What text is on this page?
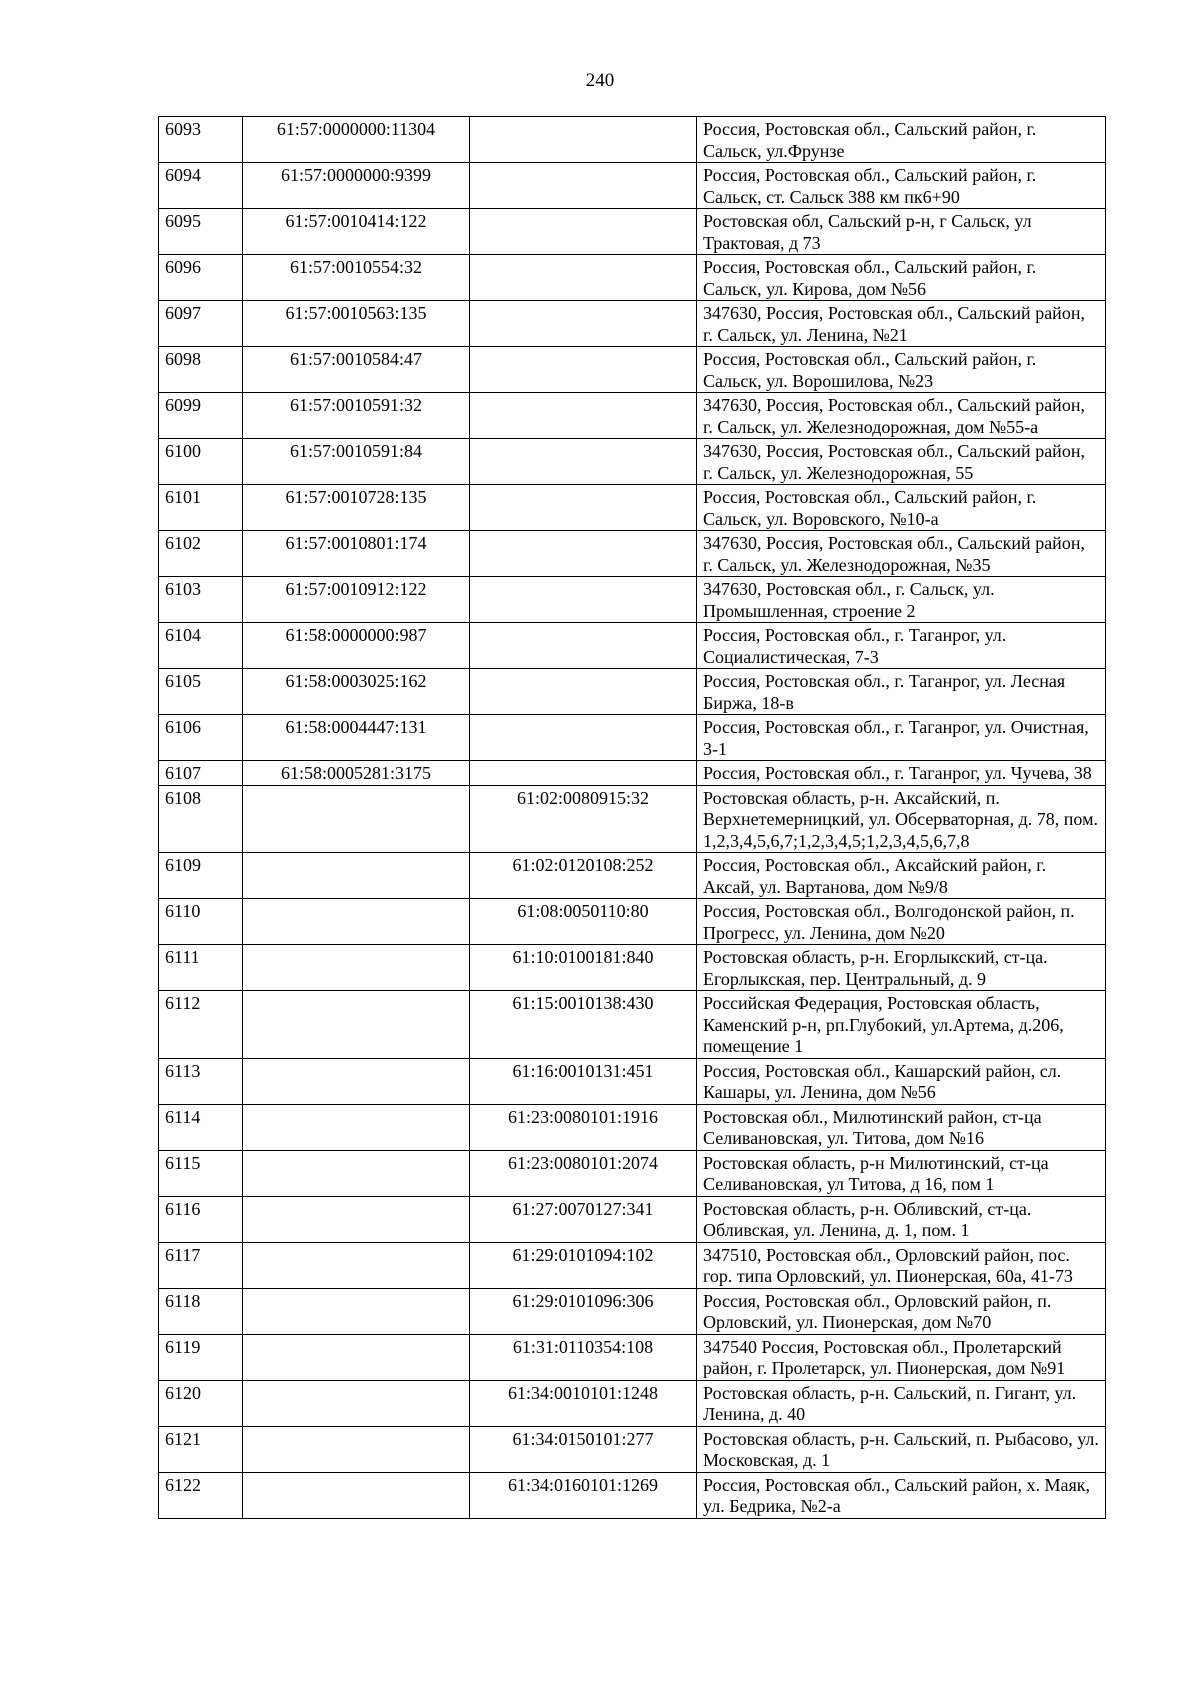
240
6093	61:57:0000000:11304		Россия, Ростовская обл., Сальский район, г. Сальск, ул.Фрунзе
6094	61:57:0000000:9399		Россия, Ростовская обл., Сальский район, г. Сальск, ст. Сальск 388 км пк6+90
6095	61:57:0010414:122		Ростовская обл, Сальский р-н, г Сальск, ул Трактовая, д 73
6096	61:57:0010554:32		Россия, Ростовская обл., Сальский район, г. Сальск, ул. Кирова, дом №56
6097	61:57:0010563:135		347630, Россия, Ростовская обл., Сальский район, г. Сальск, ул. Ленина, №21
6098	61:57:0010584:47		Россия, Ростовская обл., Сальский район, г. Сальск, ул. Ворошилова, №23
6099	61:57:0010591:32		347630, Россия, Ростовская обл., Сальский район, г. Сальск, ул. Железнодорожная, дом №55-а
6100	61:57:0010591:84		347630, Россия, Ростовская обл., Сальский район, г. Сальск, ул. Железнодорожная, 55
6101	61:57:0010728:135		Россия, Ростовская обл., Сальский район, г. Сальск, ул. Воровского, №10-а
6102	61:57:0010801:174		347630, Россия, Ростовская обл., Сальский район, г. Сальск, ул. Железнодорожная, №35
6103	61:57:0010912:122		347630, Ростовская обл., г. Сальск, ул. Промышленная, строение 2
6104	61:58:0000000:987		Россия, Ростовская обл., г. Таганрог, ул. Социалистическая, 7-3
6105	61:58:0003025:162		Россия, Ростовская обл., г. Таганрог, ул. Лесная Биржа, 18-в
6106	61:58:0004447:131		Россия, Ростовская обл., г. Таганрог, ул. Очистная, 3-1
6107	61:58:0005281:3175		Россия, Ростовская обл., г. Таганрог, ул. Чучева, 38
6108		61:02:0080915:32	Ростовская область, р-н. Аксайский, п. Верхнетемерницкий, ул. Обсерваторная, д. 78, пом. 1,2,3,4,5,6,7;1,2,3,4,5;1,2,3,4,5,6,7,8
6109		61:02:0120108:252	Россия, Ростовская обл., Аксайский район, г. Аксай, ул. Вартанова, дом №9/8
6110		61:08:0050110:80	Россия, Ростовская обл., Волгодонской район, п. Прогресс, ул. Ленина, дом №20
6111		61:10:0100181:840	Ростовская область, р-н. Егорлыкский, ст-ца. Егорлыкская, пер. Центральный, д. 9
6112		61:15:0010138:430	Российская Федерация, Ростовская область, Каменский р-н, рп.Глубокий, ул.Артема, д.206, помещение 1
6113		61:16:0010131:451	Россия, Ростовская обл., Кашарский район, сл. Кашары, ул. Ленина, дом №56
6114		61:23:0080101:1916	Ростовская обл., Милютинский район, ст-ца Селивановская, ул. Титова, дом №16
6115		61:23:0080101:2074	Ростовская область, р-н Милютинский, ст-ца Селивановская, ул Титова, д 16, пом 1
6116		61:27:0070127:341	Ростовская область, р-н. Обливский, ст-ца. Обливская, ул. Ленина, д. 1, пом. 1
6117		61:29:0101094:102	347510, Ростовская обл., Орловский район, пос. гор. типа Орловский, ул. Пионерская, 60а, 41-73
6118		61:29:0101096:306	Россия, Ростовская обл., Орловский район, п. Орловский, ул. Пионерская, дом №70
6119		61:31:0110354:108	347540 Россия, Ростовская обл., Пролетарский район, г. Пролетарск, ул. Пионерская, дом №91
6120		61:34:0010101:1248	Ростовская область, р-н. Сальский, п. Гигант, ул. Ленина, д. 40
6121		61:34:0150101:277	Ростовская область, р-н. Сальский, п. Рыбасово, ул. Московская, д. 1
6122		61:34:0160101:1269	Россия, Ростовская обл., Сальский район, х. Маяк, ул. Бедрика, №2-а
